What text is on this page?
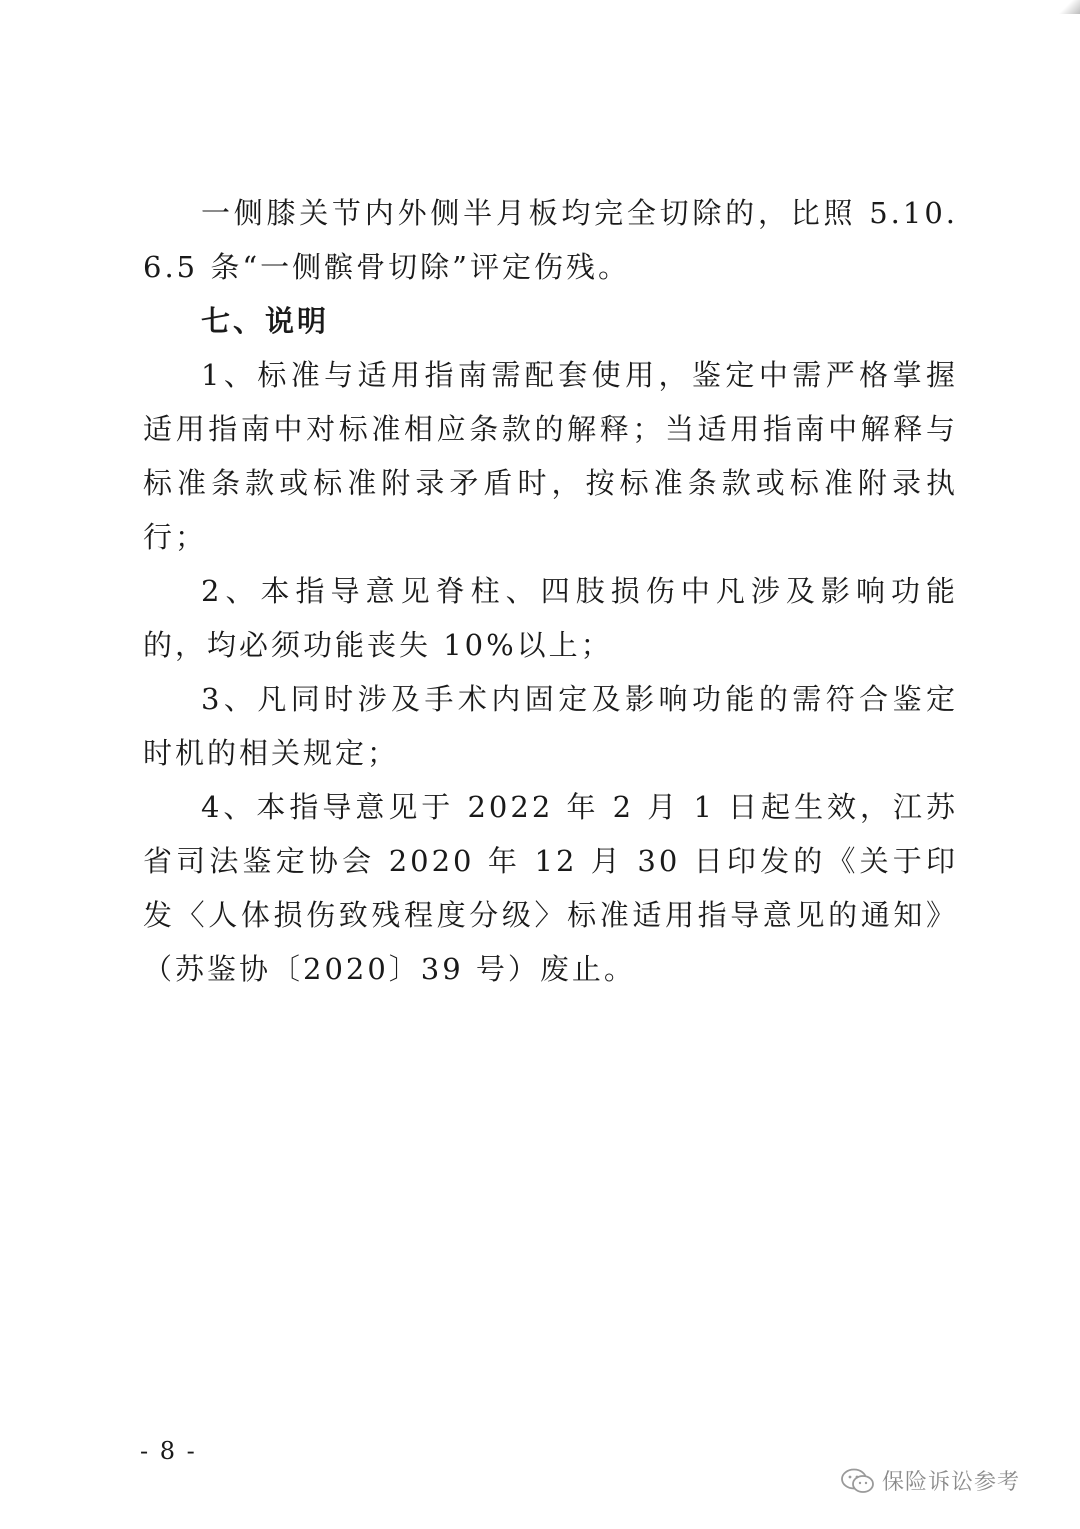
一侧膝关节内外侧半月板均完全切除的，比照 5.10.6.5 条“一侧髌骨切除”评定伤残。

七、说明

1、标准与适用指南需配套使用，鉴定中需严格掌握适用指南中对标准相应条款的解释；当适用指南中解释与标准条款或标准附录矛盾时，按标准条款或标准附录执行；

2、本指导意见脊柱、四肢损伤中凡涉及影响功能的，均必须功能丧失 10%以上；

3、凡同时涉及手术内固定及影响功能的需符合鉴定时机的相关规定；

4、本指导意见于 2022 年 2 月 1 日起生效，江苏省司法鉴定协会 2020 年 12 月 30 日印发的《关于印发〈人体损伤致残程度分级〉标准适用指导意见的通知》（苏鉴协〔2020〕39 号）废止。

- 8 -
保险诉讼参考
